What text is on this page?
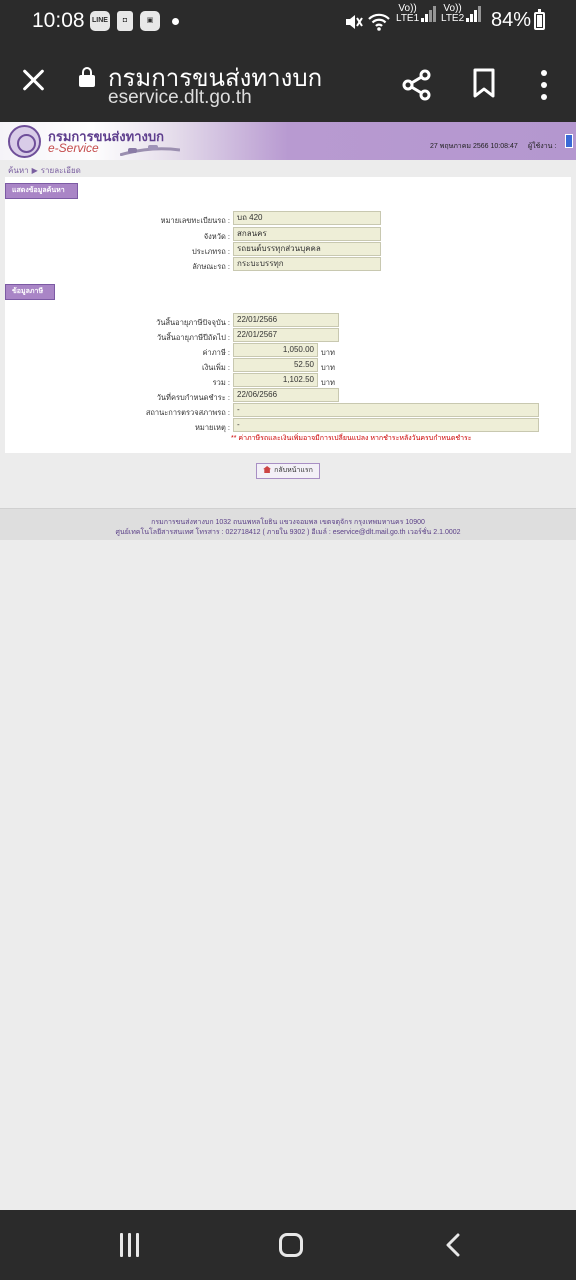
10:08 LINE	◘	▣
Vo))
LTE1
Vo))
LTE2 84%
กรมการขนส่งทางบก
eservice.dlt.go.th
กรมการขนส่งทางบก
e-Service	27 พฤษภาคม 2566 10:08:47 ผู้ใช้งาน :
ค้นหา ▶ รายละเอียด
แสดงข้อมูลค้นหา
หมายเลขทะเบียนรถ : บถ 420
จังหวัด : สกลนคร
ประเภทรถ : รถยนต์บรรทุกส่วนบุคคล
ลักษณะรถ : กระบะบรรทุก
ข้อมูลภาษี
วันสิ้นอายุภาษีปัจจุบัน : 22/01/2566
วันสิ้นอายุภาษีปีถัดไป : 22/01/2567
ค่าภาษี :	1,050.00 บาท
เงินเพิ่ม :	52.50 บาท
รวม :	1,102.50 บาท
วันที่ครบกำหนดชำระ : 22/06/2566
สถานะการตรวจสภาพรถ : -
หมายเหตุ : -
** ค่าภาษีรถและเงินเพิ่มอาจมีการเปลี่ยนแปลง หากชำระหลังวันครบกำหนดชำระ
กลับหน้าแรก
กรมการขนส่งทางบก 1032 ถนนพหลโยธิน แขวงจอมพล เขตจตุจักร กรุงเทพมหานคร 10900
ศูนย์เทคโนโลยีสารสนเทศ โทรสาร : 022718412 ( ภายใน 9302 ) อีเมล์ : eservice@dlt.mail.go.th เวอร์ชั่น 2.1.0002
